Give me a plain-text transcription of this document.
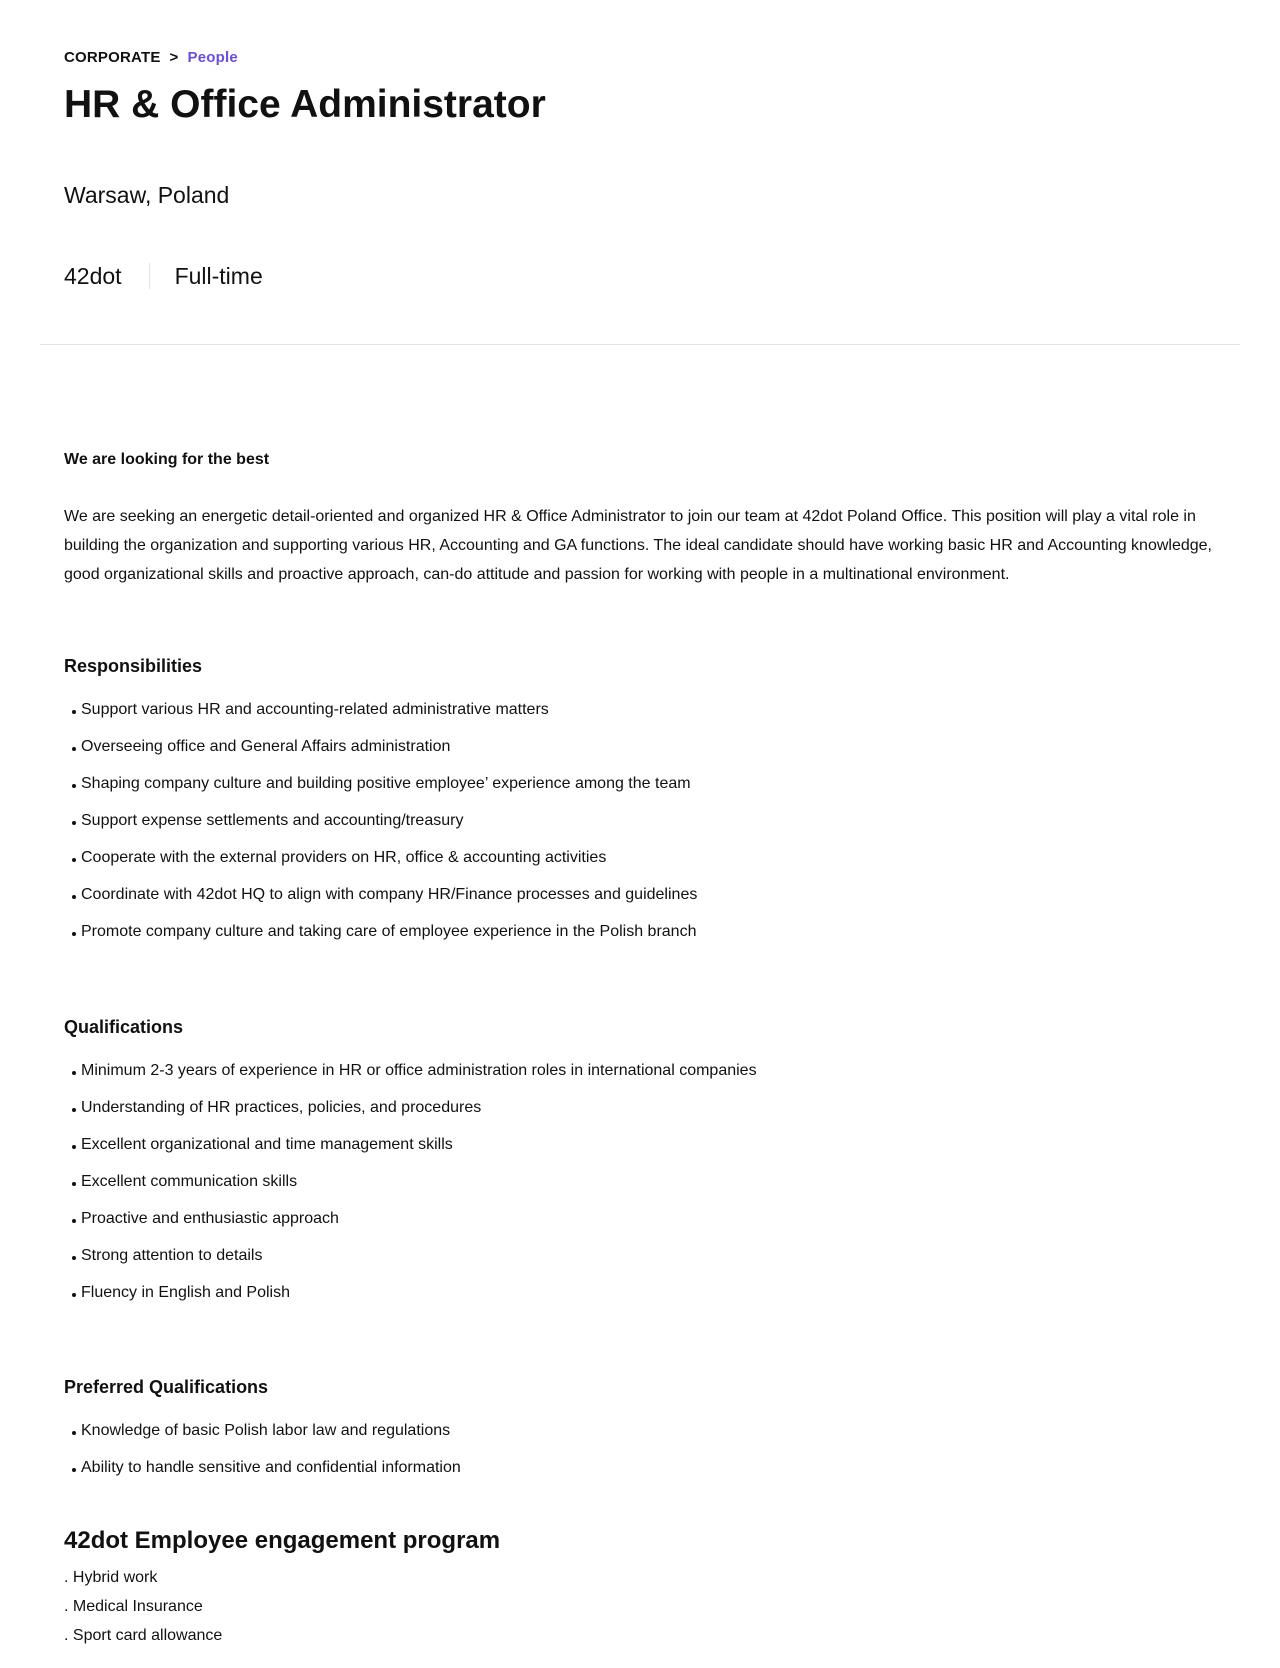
CORPORATE > People
HR & Office Administrator
Warsaw, Poland
42dot Full-time
We are looking for the best

We are seeking an energetic detail-oriented and organized HR & Office Administrator to join our team at 42dot Poland Office. This position will play a vital role in building the organization and supporting various HR, Accounting and GA functions. The ideal candidate should have working basic HR and Accounting knowledge, good organizational skills and proactive approach, can-do attitude and passion for working with people in a multinational environment.

Responsibilities
Support various HR and accounting-related administrative matters
Overseeing office and General Affairs administration
Shaping company culture and building positive employee’ experience among the team
Support expense settlements and accounting/treasury
Cooperate with the external providers on HR, office & accounting activities
Coordinate with 42dot HQ to align with company HR/Finance processes and guidelines
Promote company culture and taking care of employee experience in the Polish branch
Qualifications
Minimum 2-3 years of experience in HR or office administration roles in international companies
Understanding of HR practices, policies, and procedures
Excellent organizational and time management skills
Excellent communication skills
Proactive and enthusiastic approach
Strong attention to details
Fluency in English and Polish
Preferred Qualifications
Knowledge of basic Polish labor law and regulations
Ability to handle sensitive and confidential information
42dot Employee engagement program
. Hybrid work
. Medical Insurance
. Sport card allowance
